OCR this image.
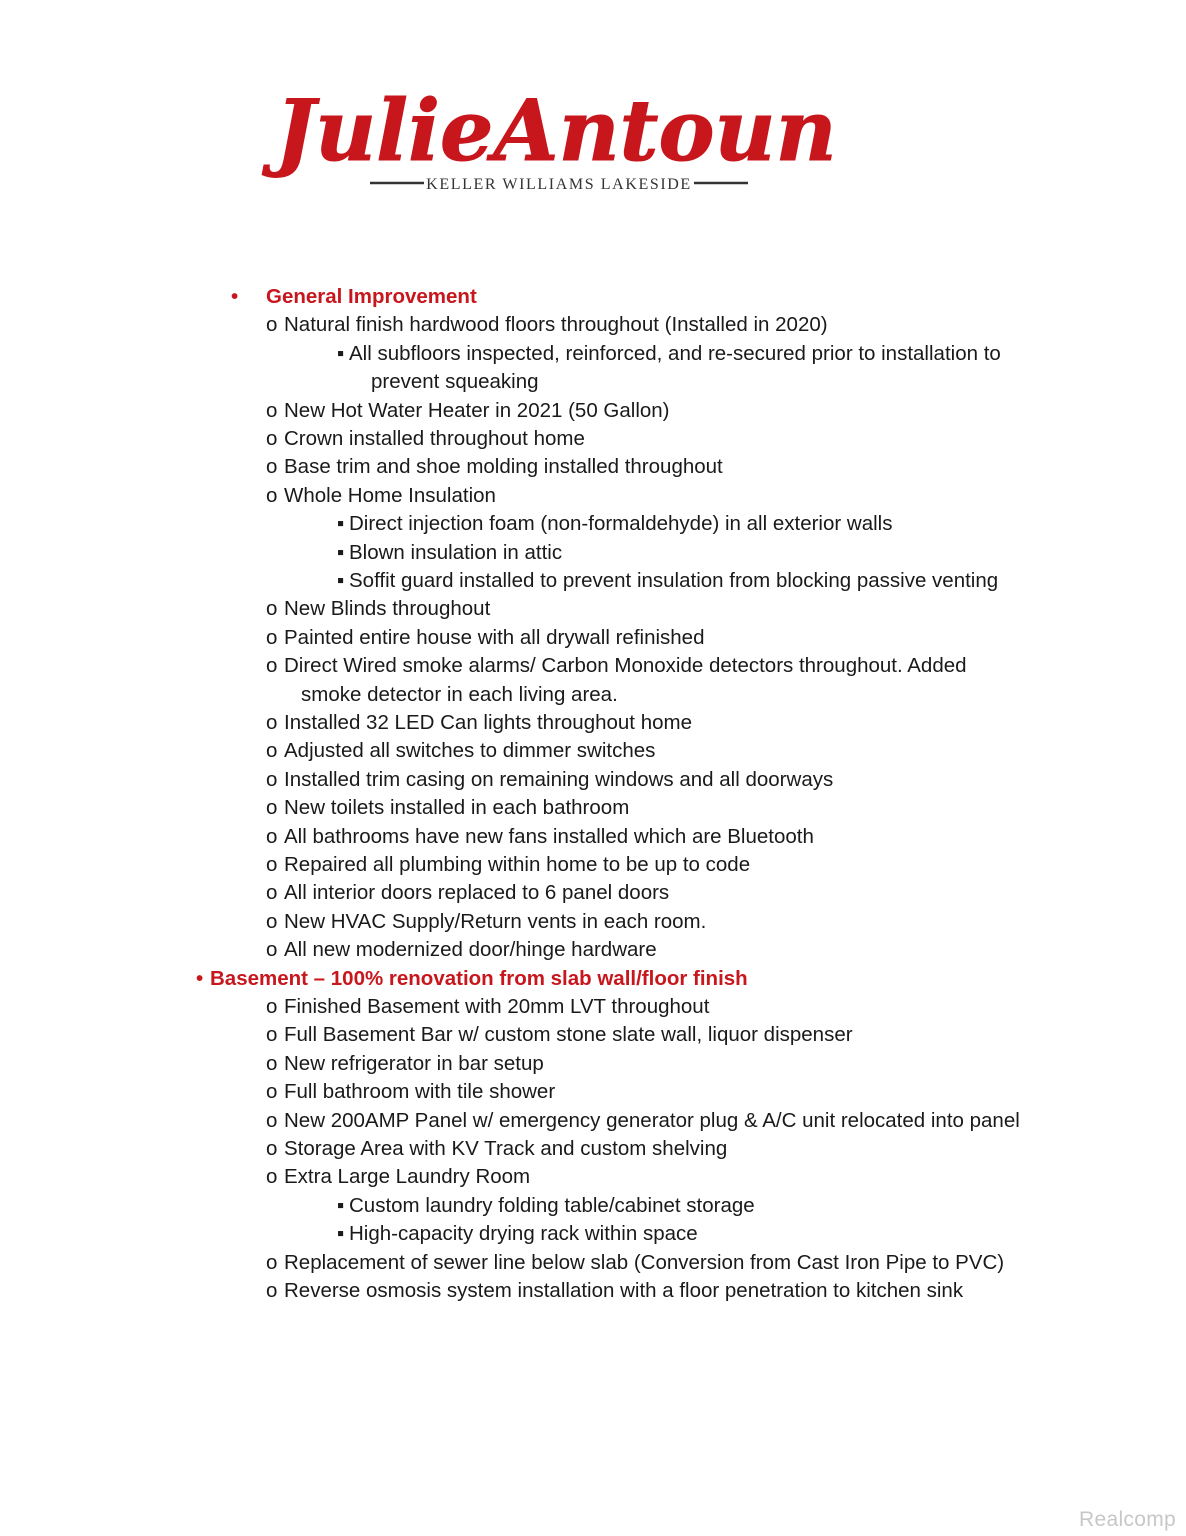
JulieAntoun
KELLER WILLIAMS LAKESIDE
• General Improvement
o Natural finish hardwood floors throughout (Installed in 2020)
▪ All subfloors inspected, reinforced, and re-secured prior to installation to
prevent squeaking
o New Hot Water Heater in 2021 (50 Gallon)
o Crown installed throughout home
o Base trim and shoe molding installed throughout
o Whole Home Insulation
▪ Direct injection foam (non-formaldehyde) in all exterior walls
▪ Blown insulation in attic
▪ Soffit guard installed to prevent insulation from blocking passive venting
o New Blinds throughout
o Painted entire house with all drywall refinished
o Direct Wired smoke alarms/ Carbon Monoxide detectors throughout. Added
smoke detector in each living area.
o Installed 32 LED Can lights throughout home
o Adjusted all switches to dimmer switches
o Installed trim casing on remaining windows and all doorways
o New toilets installed in each bathroom
o All bathrooms have new fans installed which are Bluetooth
o Repaired all plumbing within home to be up to code
o All interior doors replaced to 6 panel doors
o New HVAC Supply/Return vents in each room.
o All new modernized door/hinge hardware
• Basement – 100% renovation from slab wall/floor finish
o Finished Basement with 20mm LVT throughout
o Full Basement Bar w/ custom stone slate wall, liquor dispenser
o New refrigerator in bar setup
o Full bathroom with tile shower
o New 200AMP Panel w/ emergency generator plug & A/C unit relocated into panel
o Storage Area with KV Track and custom shelving
o Extra Large Laundry Room
▪ Custom laundry folding table/cabinet storage
▪ High-capacity drying rack within space
o Replacement of sewer line below slab (Conversion from Cast Iron Pipe to PVC)
o Reverse osmosis system installation with a floor penetration to kitchen sink
Realcomp
